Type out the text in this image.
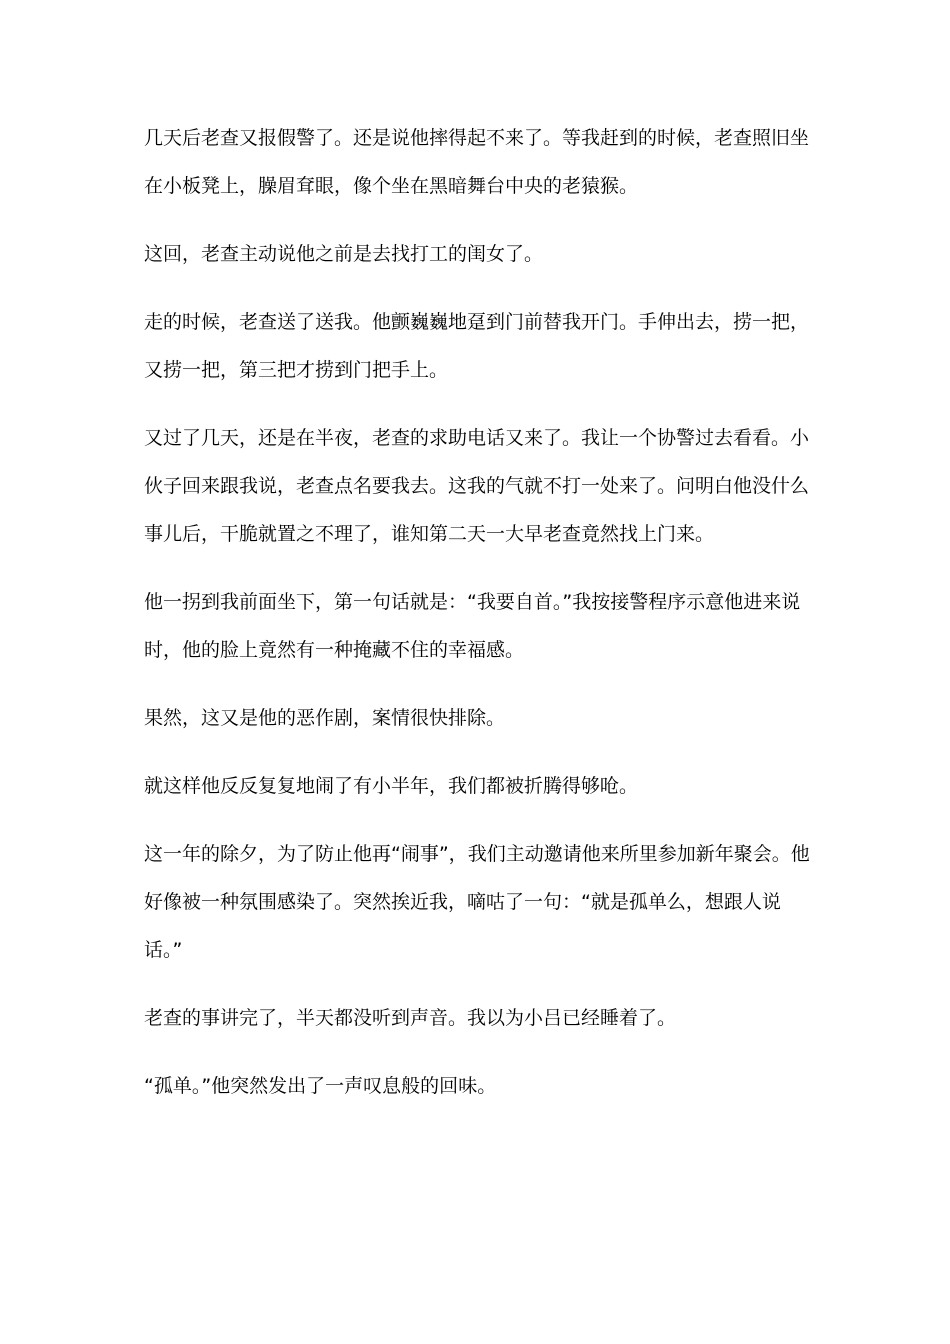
几天后老查又报假警了。还是说他摔得起不来了。等我赶到的时候，老查照旧坐在小板凳上，臊眉耷眼，像个坐在黑暗舞台中央的老猿猴。

这回，老查主动说他之前是去找打工的闺女了。

走的时候，老查送了送我。他颤巍巍地趸到门前替我开门。手伸出去，捞一把，又捞一把，第三把才捞到门把手上。

又过了几天，还是在半夜，老查的求助电话又来了。我让一个协警过去看看。小伙子回来跟我说，老查点名要我去。这我的气就不打一处来了。问明白他没什么事儿后，干脆就置之不理了，谁知第二天一大早老查竟然找上门来。

他一拐到我前面坐下，第一句话就是：“我要自首。”我按接警程序示意他进来说时，他的脸上竟然有一种掩藏不住的幸福感。

果然，这又是他的恶作剧，案情很快排除。

就这样他反反复复地闹了有小半年，我们都被折腾得够呛。

这一年的除夕，为了防止他再“闹事”，我们主动邀请他来所里参加新年聚会。他好像被一种氛围感染了。突然挨近我，嘀咕了一句：“就是孤单么，想跟人说话。”

老查的事讲完了，半天都没听到声音。我以为小吕已经睡着了。

“孤单。”他突然发出了一声叹息般的回味。
